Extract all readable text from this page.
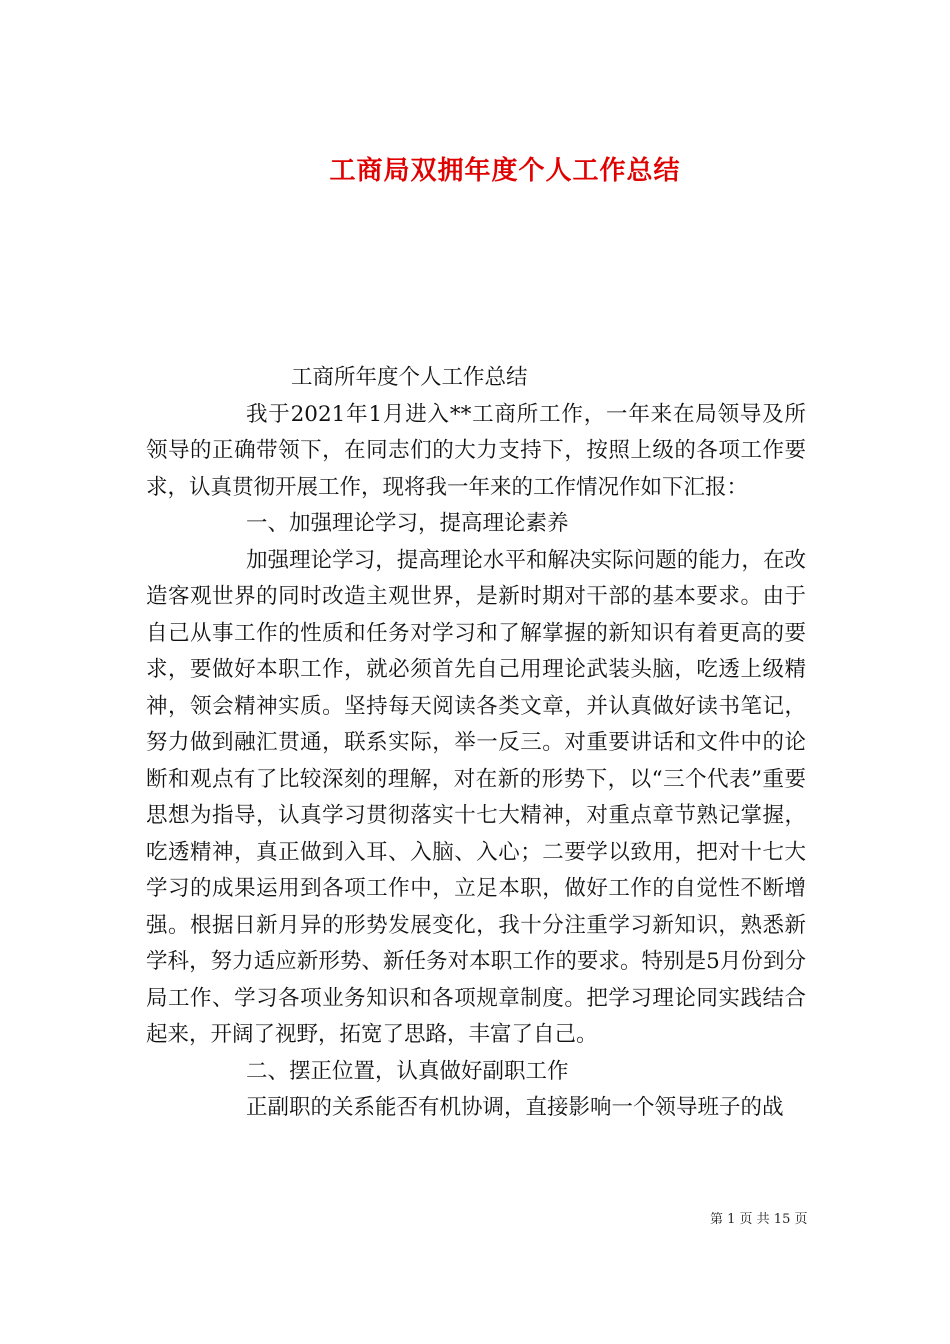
工商局双拥年度个人工作总结

工商所年度个人工作总结

我于2021年1月进入**工商所工作，一年来在局领导及所领导的正确带领下，在同志们的大力支持下，按照上级的各项工作要求，认真贯彻开展工作，现将我一年来的工作情况作如下汇报：

一、加强理论学习，提高理论素养

加强理论学习，提高理论水平和解决实际问题的能力，在改造客观世界的同时改造主观世界，是新时期对干部的基本要求。由于自己从事工作的性质和任务对学习和了解掌握的新知识有着更高的要求，要做好本职工作，就必须首先自己用理论武装头脑，吃透上级精神，领会精神实质。坚持每天阅读各类文章，并认真做好读书笔记，努力做到融汇贯通，联系实际，举一反三。对重要讲话和文件中的论断和观点有了比较深刻的理解，对在新的形势下，以“三个代表”重要思想为指导，认真学习贯彻落实十七大精神，对重点章节熟记掌握，吃透精神，真正做到入耳、入脑、入心；二要学以致用，把对十七大学习的成果运用到各项工作中，立足本职，做好工作的自觉性不断增强。根据日新月异的形势发展变化，我十分注重学习新知识，熟悉新学科，努力适应新形势、新任务对本职工作的要求。特别是5月份到分局工作、学习各项业务知识和各项规章制度。把学习理论同实践结合起来，开阔了视野，拓宽了思路，丰富了自己。

二、摆正位置，认真做好副职工作

正副职的关系能否有机协调，直接影响一个领导班子的战

第 1 页 共 15 页
